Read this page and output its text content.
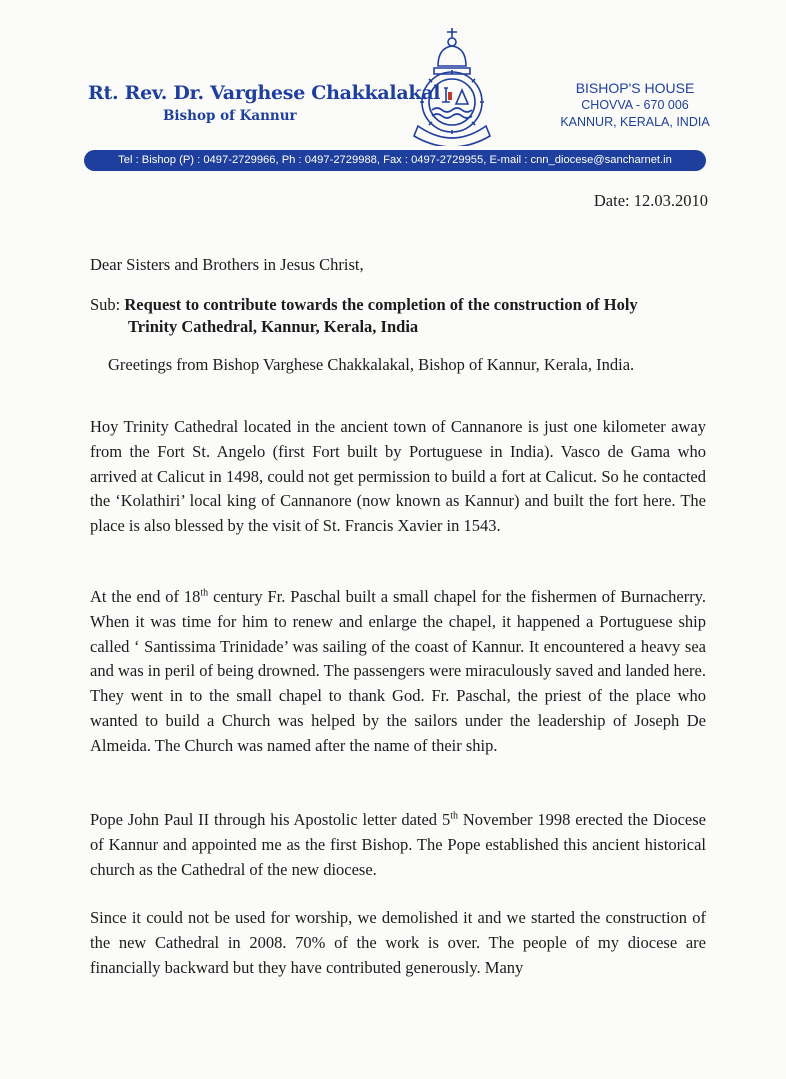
Rt. Rev. Dr. Varghese Chakkalakal
Bishop of Kannur
BISHOP'S HOUSE
CHOVVA - 670 006
KANNUR, KERALA, INDIA
Tel : Bishop (P) : 0497-2729966, Ph : 0497-2729988, Fax : 0497-2729955, E-mail : cnn_diocese@sancharnet.in
Date: 12.03.2010
Dear Sisters and Brothers in Jesus Christ,
Sub: Request to contribute towards the completion of the construction of Holy
Trinity Cathedral, Kannur, Kerala, India
Greetings from Bishop Varghese Chakkalakal, Bishop of Kannur, Kerala, India.

Hoy Trinity Cathedral located in the ancient town of Cannanore is just one kilometer away from the Fort St. Angelo (first Fort built by Portuguese in India). Vasco de Gama who arrived at Calicut in 1498, could not get permission to build a fort at Calicut. So he contacted the ‘Kolathiri’ local king of Cannanore (now known as Kannur) and built the fort here. The place is also blessed by the visit of St. Francis Xavier in 1543.

At the end of 18th century Fr. Paschal built a small chapel for the fishermen of Burnacherry. When it was time for him to renew and enlarge the chapel, it happened a Portuguese ship called ‘ Santissima Trinidade’ was sailing of the coast of Kannur. It encountered a heavy sea and was in peril of being drowned. The passengers were miraculously saved and landed here. They went in to the small chapel to thank God. Fr. Paschal, the priest of the place who wanted to build a Church was helped by the sailors under the leadership of Joseph De Almeida. The Church was named after the name of their ship.

Pope John Paul II through his Apostolic letter dated 5th November 1998 erected the Diocese of Kannur and appointed me as the first Bishop. The Pope established this ancient historical church as the Cathedral of the new diocese.

Since it could not be used for worship, we demolished it and we started the construction of the new Cathedral in 2008. 70% of the work is over. The people of my diocese are financially backward but they have contributed generously. Many
